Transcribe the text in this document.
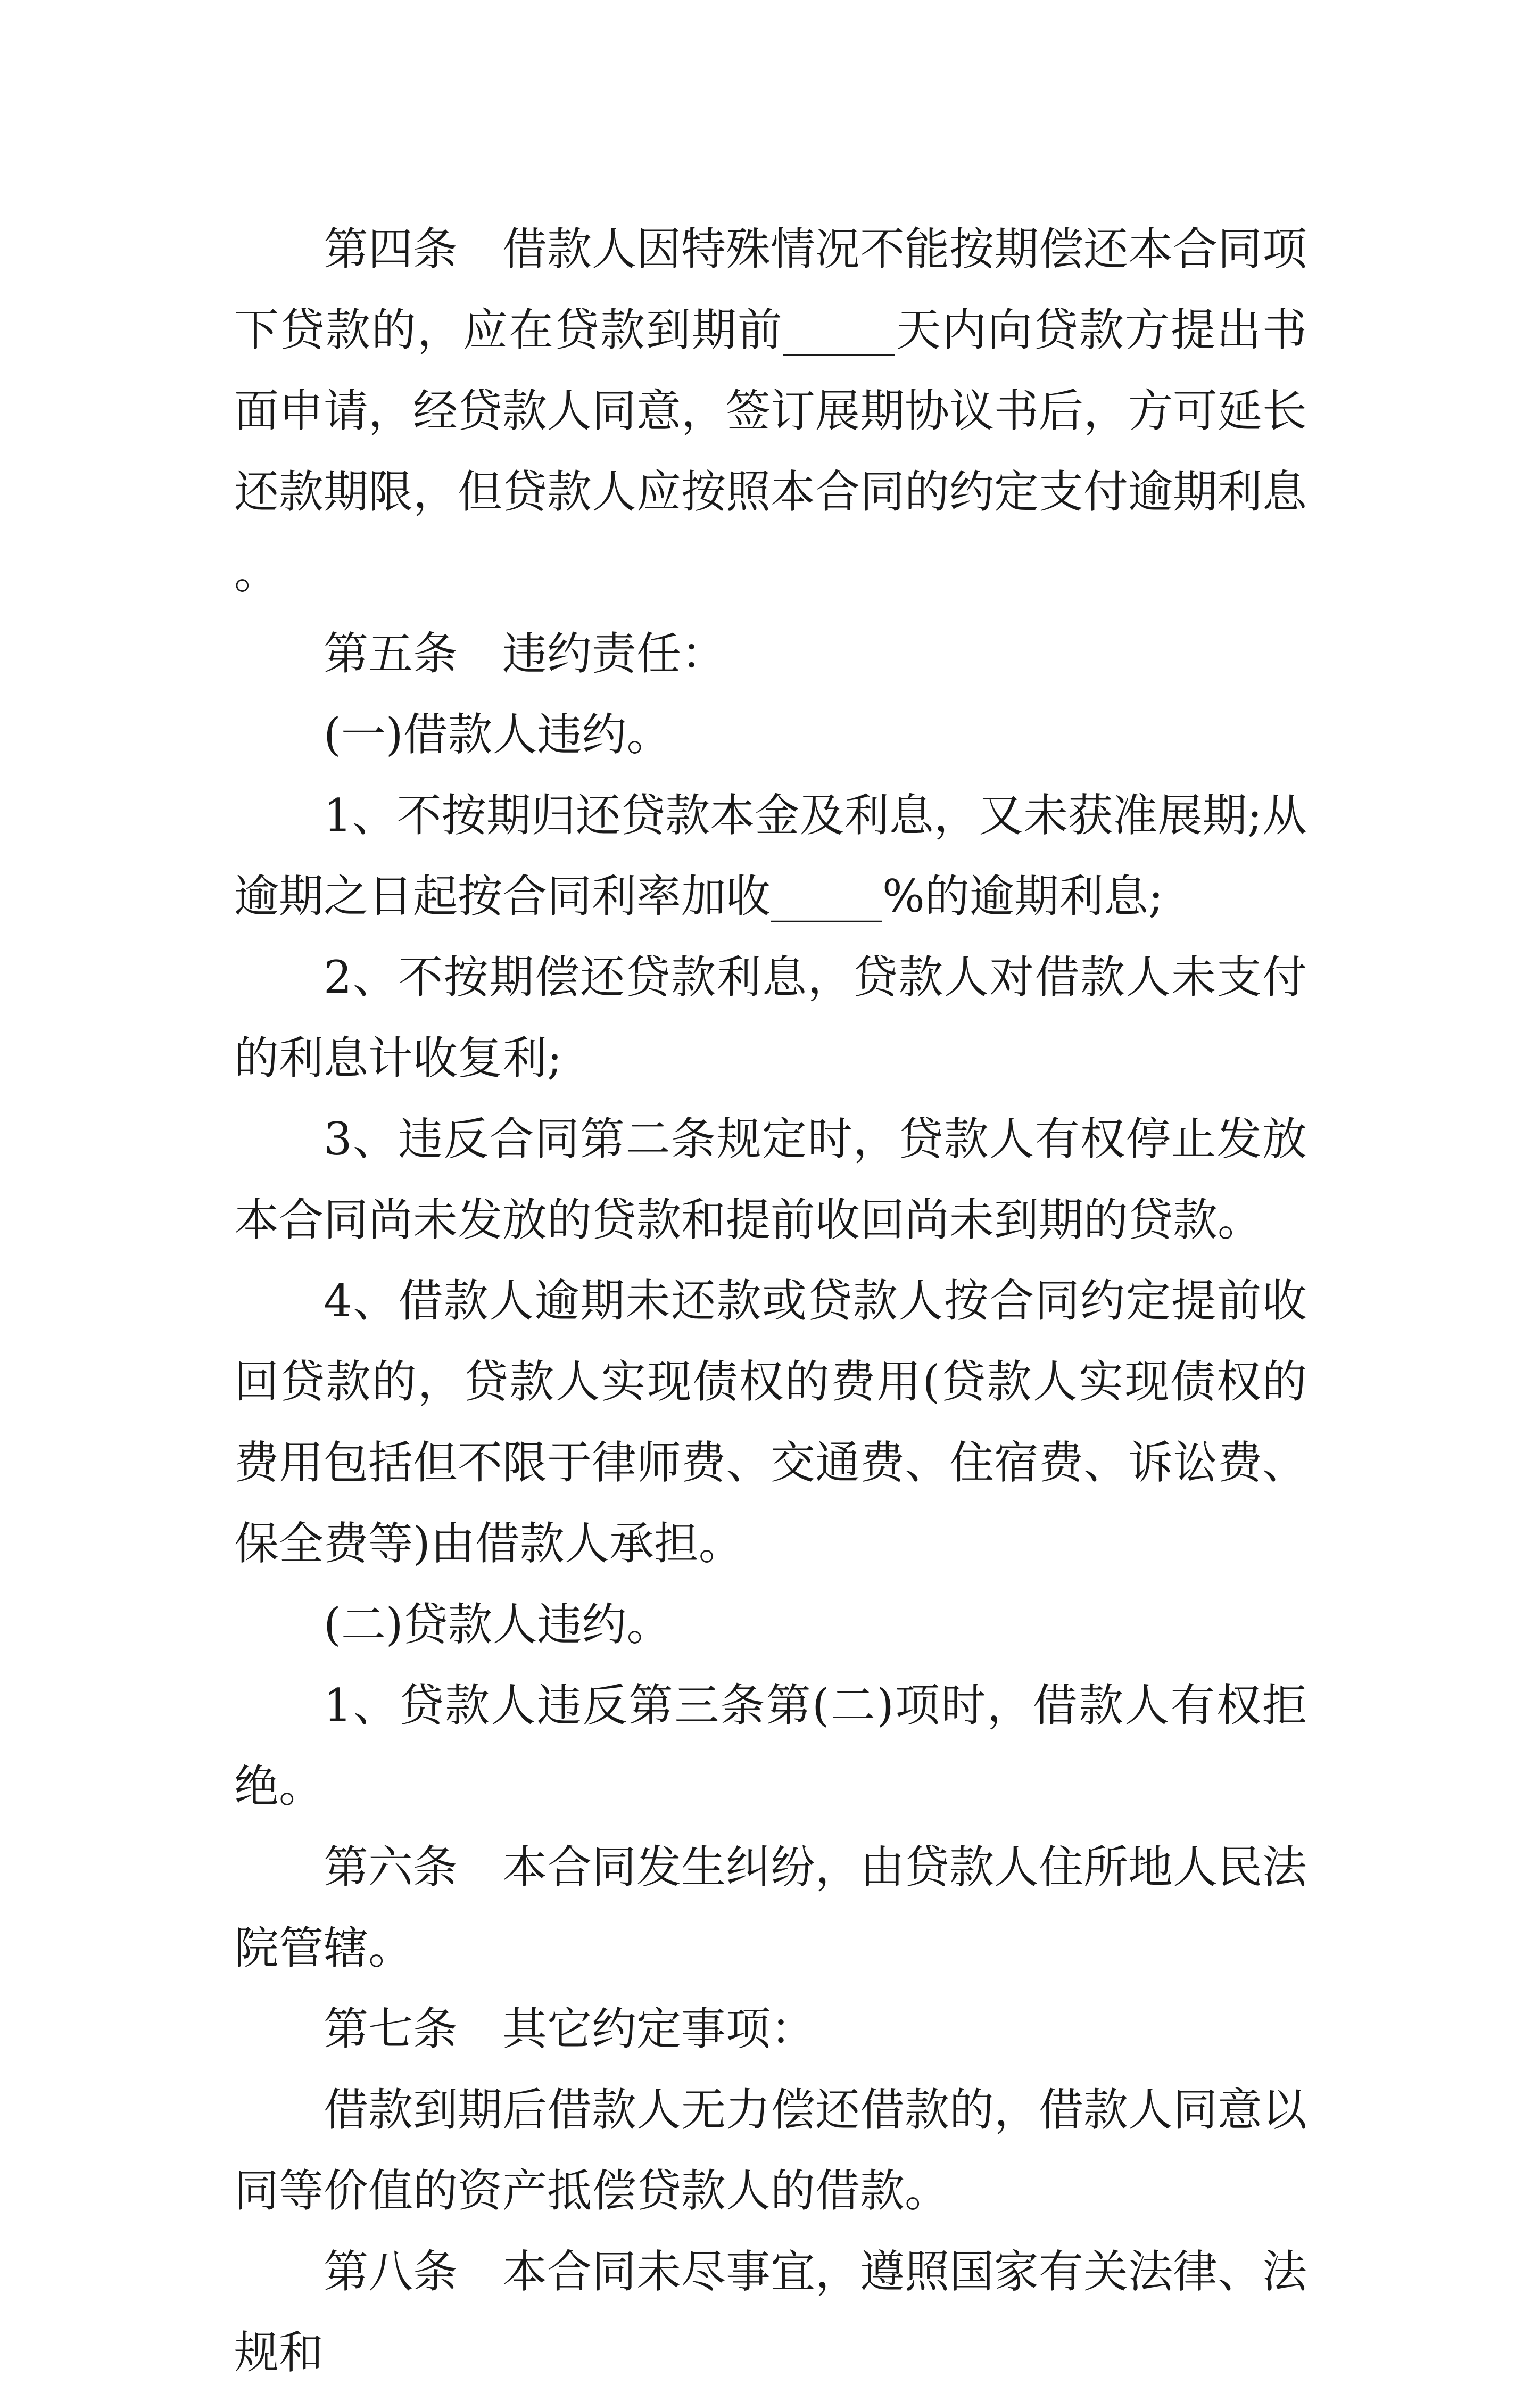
第四条　借款人因特殊情况不能按期偿还本合同项下贷款的，应在贷款到期前_____天内向贷款方提出书面申请，经贷款人同意，签订展期协议书后，方可延长还款期限，但贷款人应按照本合同的约定支付逾期利息。

第五条　违约责任：

(一)借款人违约。

1、不按期归还贷款本金及利息，又未获准展期;从逾期之日起按合同利率加收_____%的逾期利息;

2、不按期偿还贷款利息，贷款人对借款人未支付的利息计收复利;

3、违反合同第二条规定时，贷款人有权停止发放本合同尚未发放的贷款和提前收回尚未到期的贷款。

4、借款人逾期未还款或贷款人按合同约定提前收回贷款的，贷款人实现债权的费用(贷款人实现债权的费用包括但不限于律师费、交通费、住宿费、诉讼费、保全费等)由借款人承担。

(二)贷款人违约。

1、贷款人违反第三条第(二)项时，借款人有权拒绝。

第六条　本合同发生纠纷，由贷款人住所地人民法院管辖。

第七条　其它约定事项：

借款到期后借款人无力偿还借款的，借款人同意以同等价值的资产抵偿贷款人的借款。

第八条　本合同未尽事宜，遵照国家有关法律、法规和
